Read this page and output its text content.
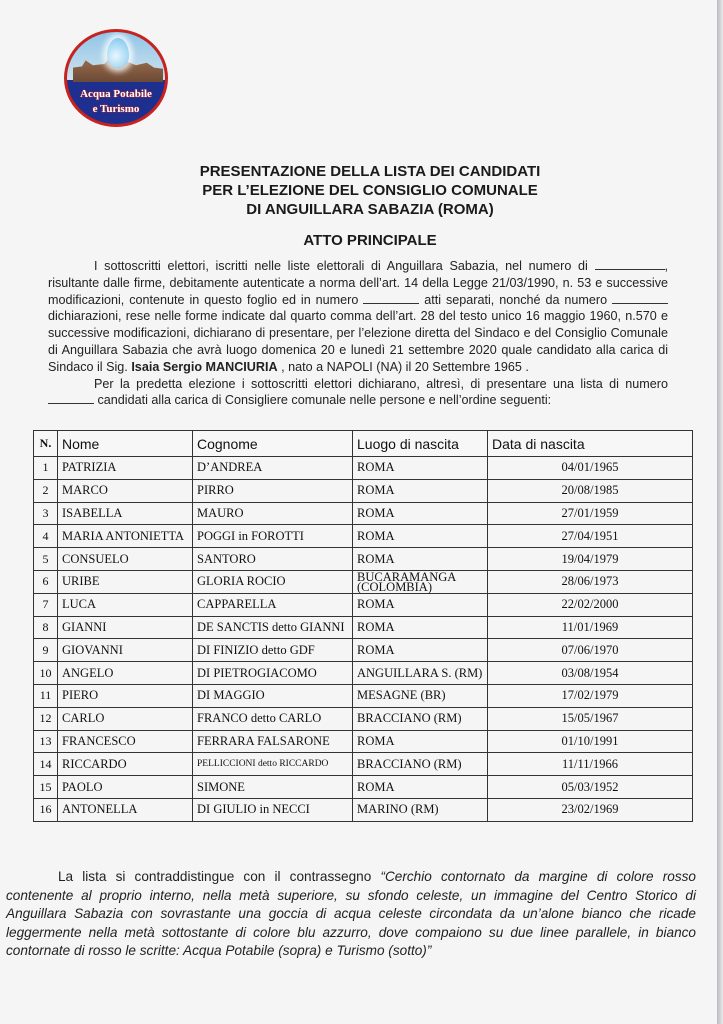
Acqua Potabile
e Turismo
PRESENTAZIONE DELLA LISTA DEI CANDIDATI
PER L’ELEZIONE DEL CONSIGLIO COMUNALE
DI ANGUILLARA SABAZIA (ROMA)
ATTO PRINCIPALE

I sottoscritti elettori, iscritti nelle liste elettorali di Anguillara Sabazia, nel numero di	, risultante dalle firme, debitamente autenticate a norma dell’art. 14 della Legge 21/03/1990, n. 53 e successive modificazioni, contenute in questo foglio ed in numero	atti separati, nonché da numero  dichiarazioni, rese nelle forme indicate dal quarto comma dell’art. 28 del testo unico 16 maggio 1960, n.570 e successive modificazioni, dichiarano di presentare, per l’elezione diretta del Sindaco e del Consiglio Comunale di Anguillara Sabazia che avrà luogo domenica 20 e lunedì 21 settembre 2020 quale candidato alla carica di Sindaco il Sig. Isaia Sergio MANCIURIA , nato a NAPOLI (NA) il 20 Settembre 1965 .

Per la predetta elezione i sottoscritti elettori dichiarano, altresì, di presentare una lista di numero  candidati alla carica di Consigliere comunale nelle persone e nell’ordine seguenti:

N.	Nome	Cognome	Luogo di nascita	Data di nascita
1	PATRIZIA	D’ANDREA	ROMA	04/01/1965
2	MARCO	PIRRO	ROMA	20/08/1985
3	ISABELLA	MAURO	ROMA	27/01/1959
4	MARIA ANTONIETTA	POGGI in FOROTTI	ROMA	27/04/1951
5	CONSUELO	SANTORO	ROMA	19/04/1979
6	URIBE	GLORIA ROCIO	BUCARAMANGA (COLOMBIA)	28/06/1973
7	LUCA	CAPPARELLA	ROMA	22/02/2000
8	GIANNI	DE SANCTIS detto GIANNI	ROMA	11/01/1969
9	GIOVANNI	DI FINIZIO detto GDF	ROMA	07/06/1970
10	ANGELO	DI PIETROGIACOMO	ANGUILLARA S. (RM)	03/08/1954
11	PIERO	DI MAGGIO	MESAGNE (BR)	17/02/1979
12	CARLO	FRANCO detto CARLO	BRACCIANO (RM)	15/05/1967
13	FRANCESCO	FERRARA FALSARONE	ROMA	01/10/1991
14	RICCARDO	PELLICCIONI detto RICCARDO	BRACCIANO (RM)	11/11/1966
15	PAOLO	SIMONE	ROMA	05/03/1952
16	ANTONELLA	DI GIULIO in NECCI	MARINO (RM)	23/02/1969

La lista si contraddistingue con il contrassegno “Cerchio contornato da margine di colore rosso contenente al proprio interno, nella metà superiore, su sfondo celeste, un immagine del Centro Storico di Anguillara Sabazia con sovrastante una goccia di acqua celeste circondata da un’alone bianco che ricade leggermente nella metà sottostante di colore blu azzurro, dove compaiono su due linee parallele, in bianco contornate di rosso le scritte: Acqua Potabile (sopra) e Turismo (sotto)”
